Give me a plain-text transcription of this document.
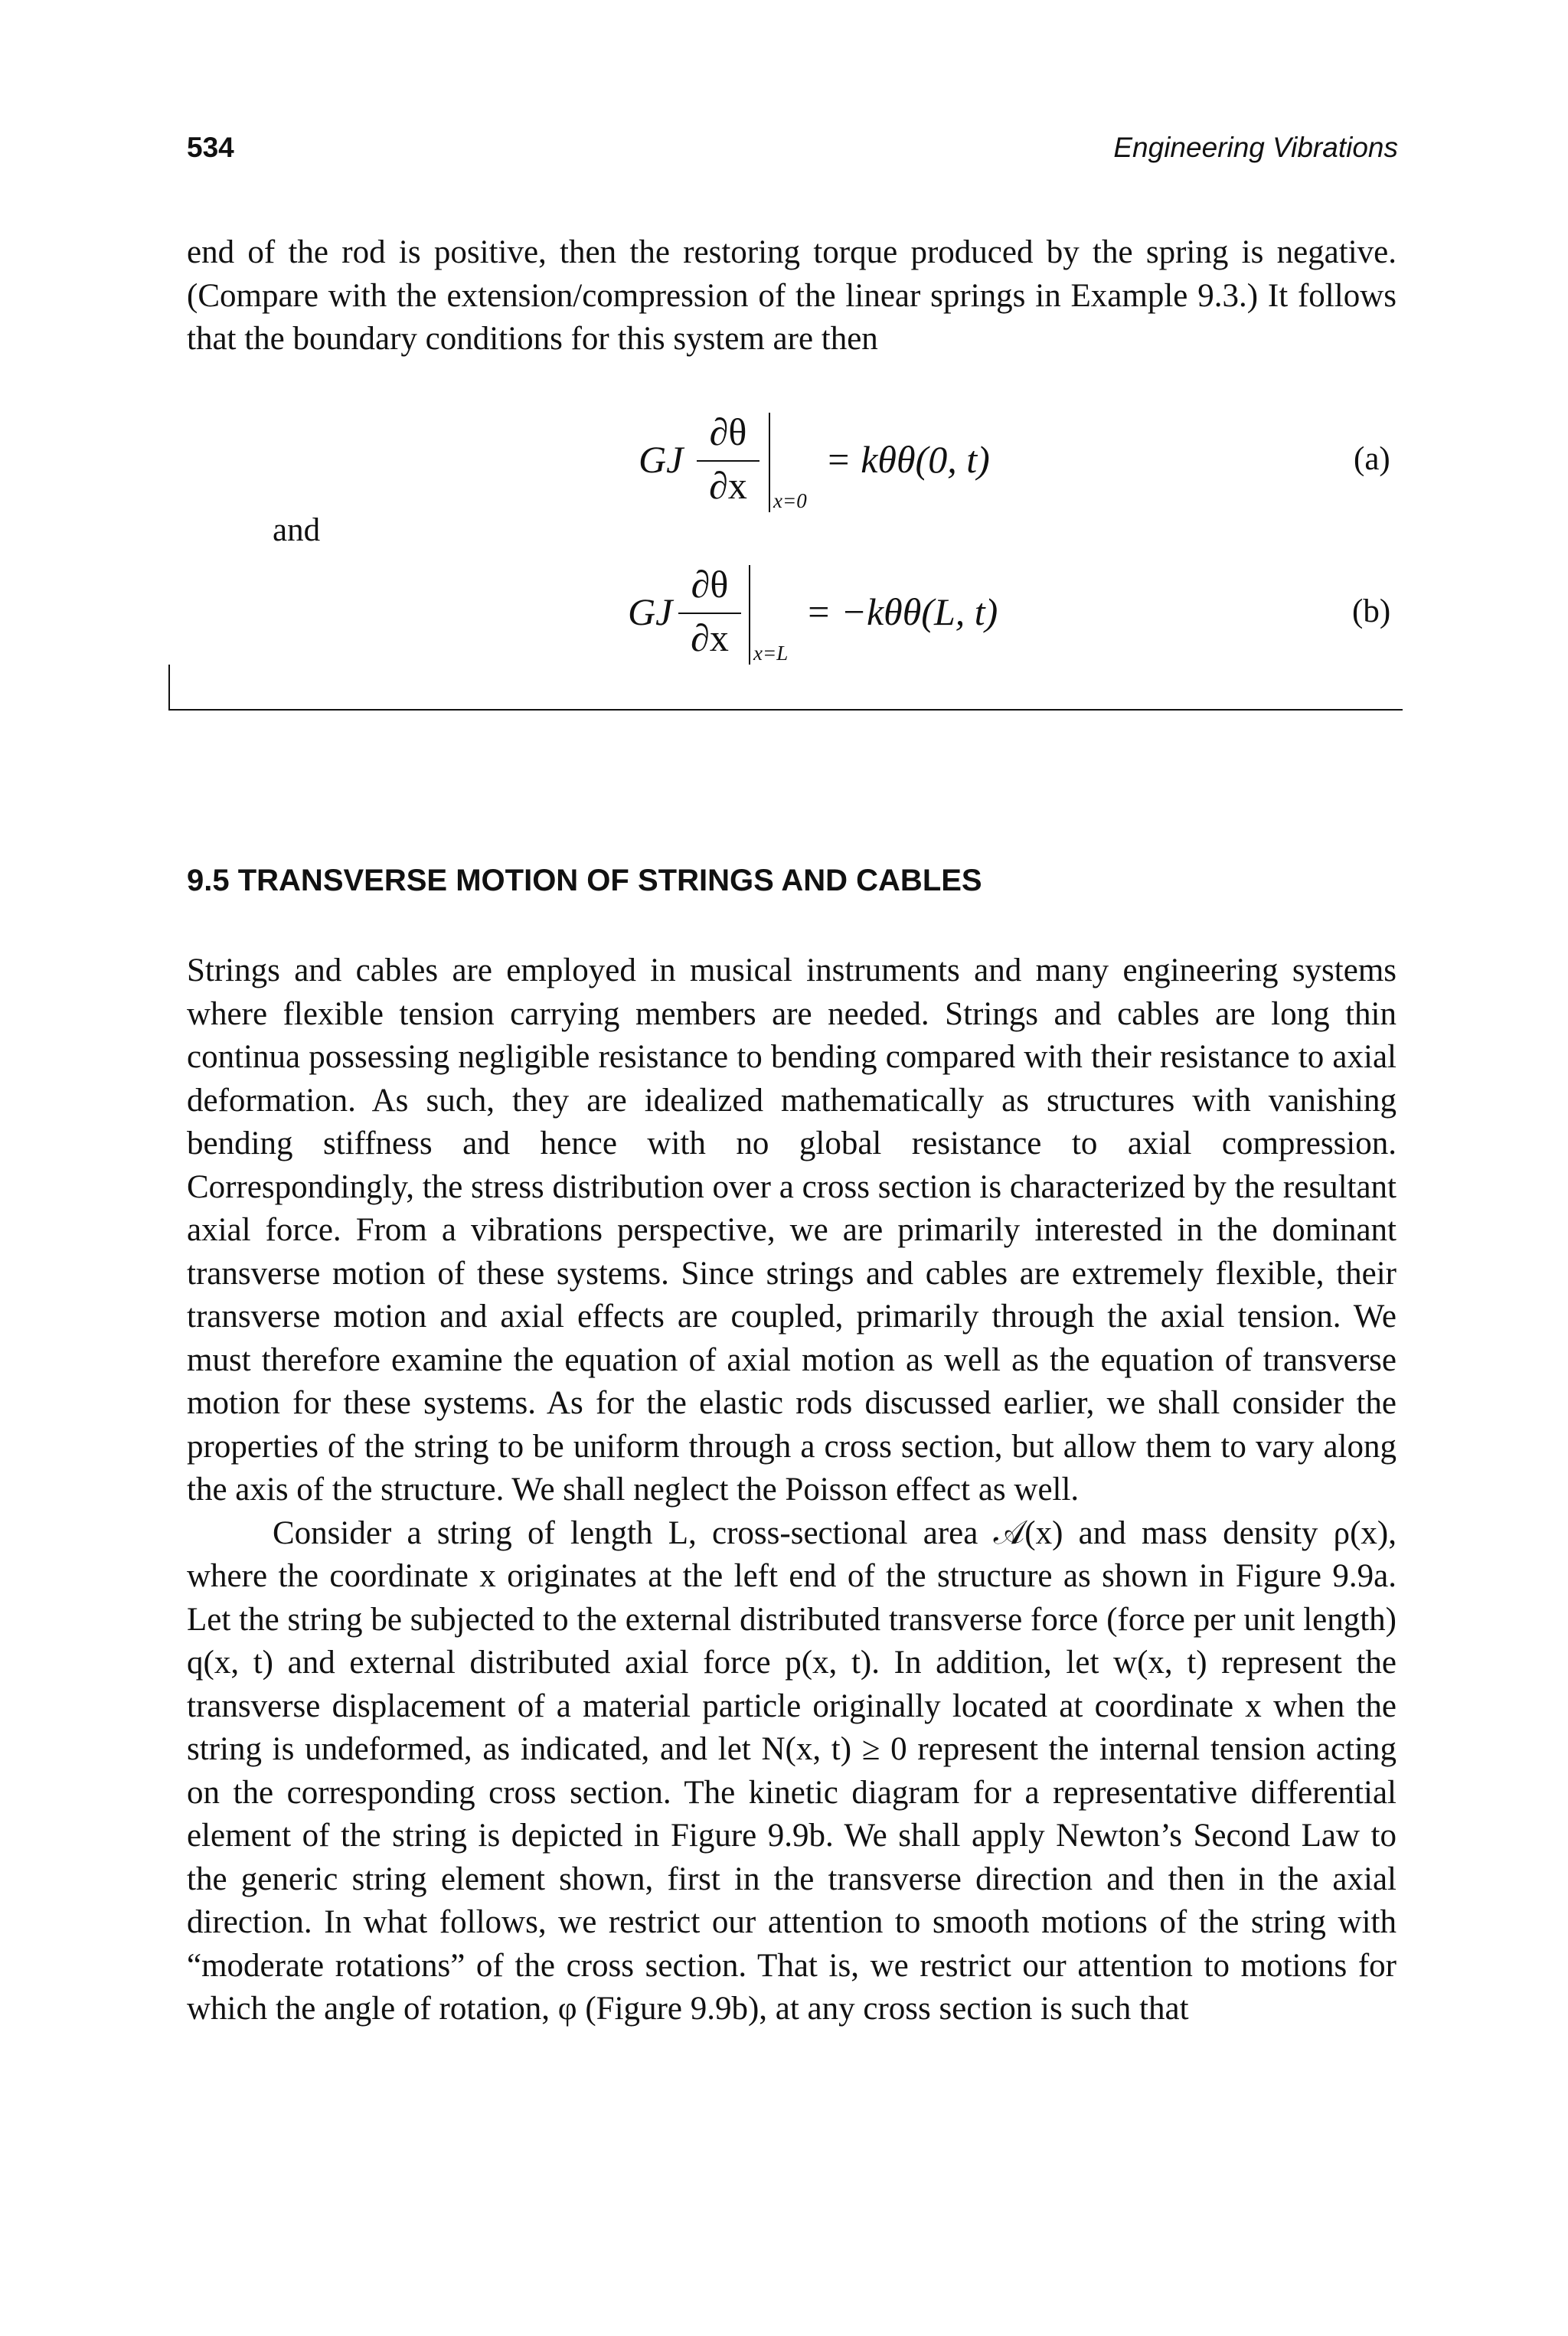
534	Engineering Vibrations

end of the rod is positive, then the restoring torque produced by the spring is negative. (Compare with the extension/compression of the linear springs in Example 9.3.) It follows that the boundary conditions for this system are then

GJ
∂θ
∂x	x=0
= kθθ(0, t)	(a)
and
GJ
∂θ
∂x	x=L
= −kθθ(L, t)	(b)
9.5 TRANSVERSE MOTION OF STRINGS AND CABLES

Strings and cables are employed in musical instruments and many engineering systems where flexible tension carrying members are needed. Strings and cables are long thin continua possessing negligible resistance to bending compared with their resistance to axial deformation. As such, they are idealized mathematically as structures with vanishing bending stiffness and hence with no global resistance to axial compression. Correspondingly, the stress distribution over a cross section is characterized by the resultant axial force. From a vibrations perspective, we are primarily interested in the dominant transverse motion of these systems. Since strings and cables are extremely flexible, their transverse motion and axial effects are coupled, primarily through the axial tension. We must therefore examine the equation of axial motion as well as the equation of transverse motion for these systems. As for the elastic rods discussed earlier, we shall consider the properties of the string to be uniform through a cross section, but allow them to vary along the axis of the structure. We shall neglect the Poisson effect as well.

Consider a string of length L, cross-sectional area 𝒜(x) and mass density ρ(x), where the coordinate x originates at the left end of the structure as shown in Figure 9.9a. Let the string be subjected to the external distributed transverse force (force per unit length) q(x, t) and external distributed axial force p(x, t). In addition, let w(x, t) represent the transverse displacement of a material particle originally located at coordinate x when the string is undeformed, as indicated, and let N(x, t) ≥ 0 represent the internal tension acting on the corresponding cross section. The kinetic diagram for a representative differential element of the string is depicted in Figure 9.9b. We shall apply Newton’s Second Law to the generic string element shown, first in the transverse direction and then in the axial direction. In what follows, we restrict our attention to smooth motions of the string with “moderate rotations” of the cross section. That is, we restrict our attention to motions for which the angle of rotation, φ (Figure 9.9b), at any cross section is such that
